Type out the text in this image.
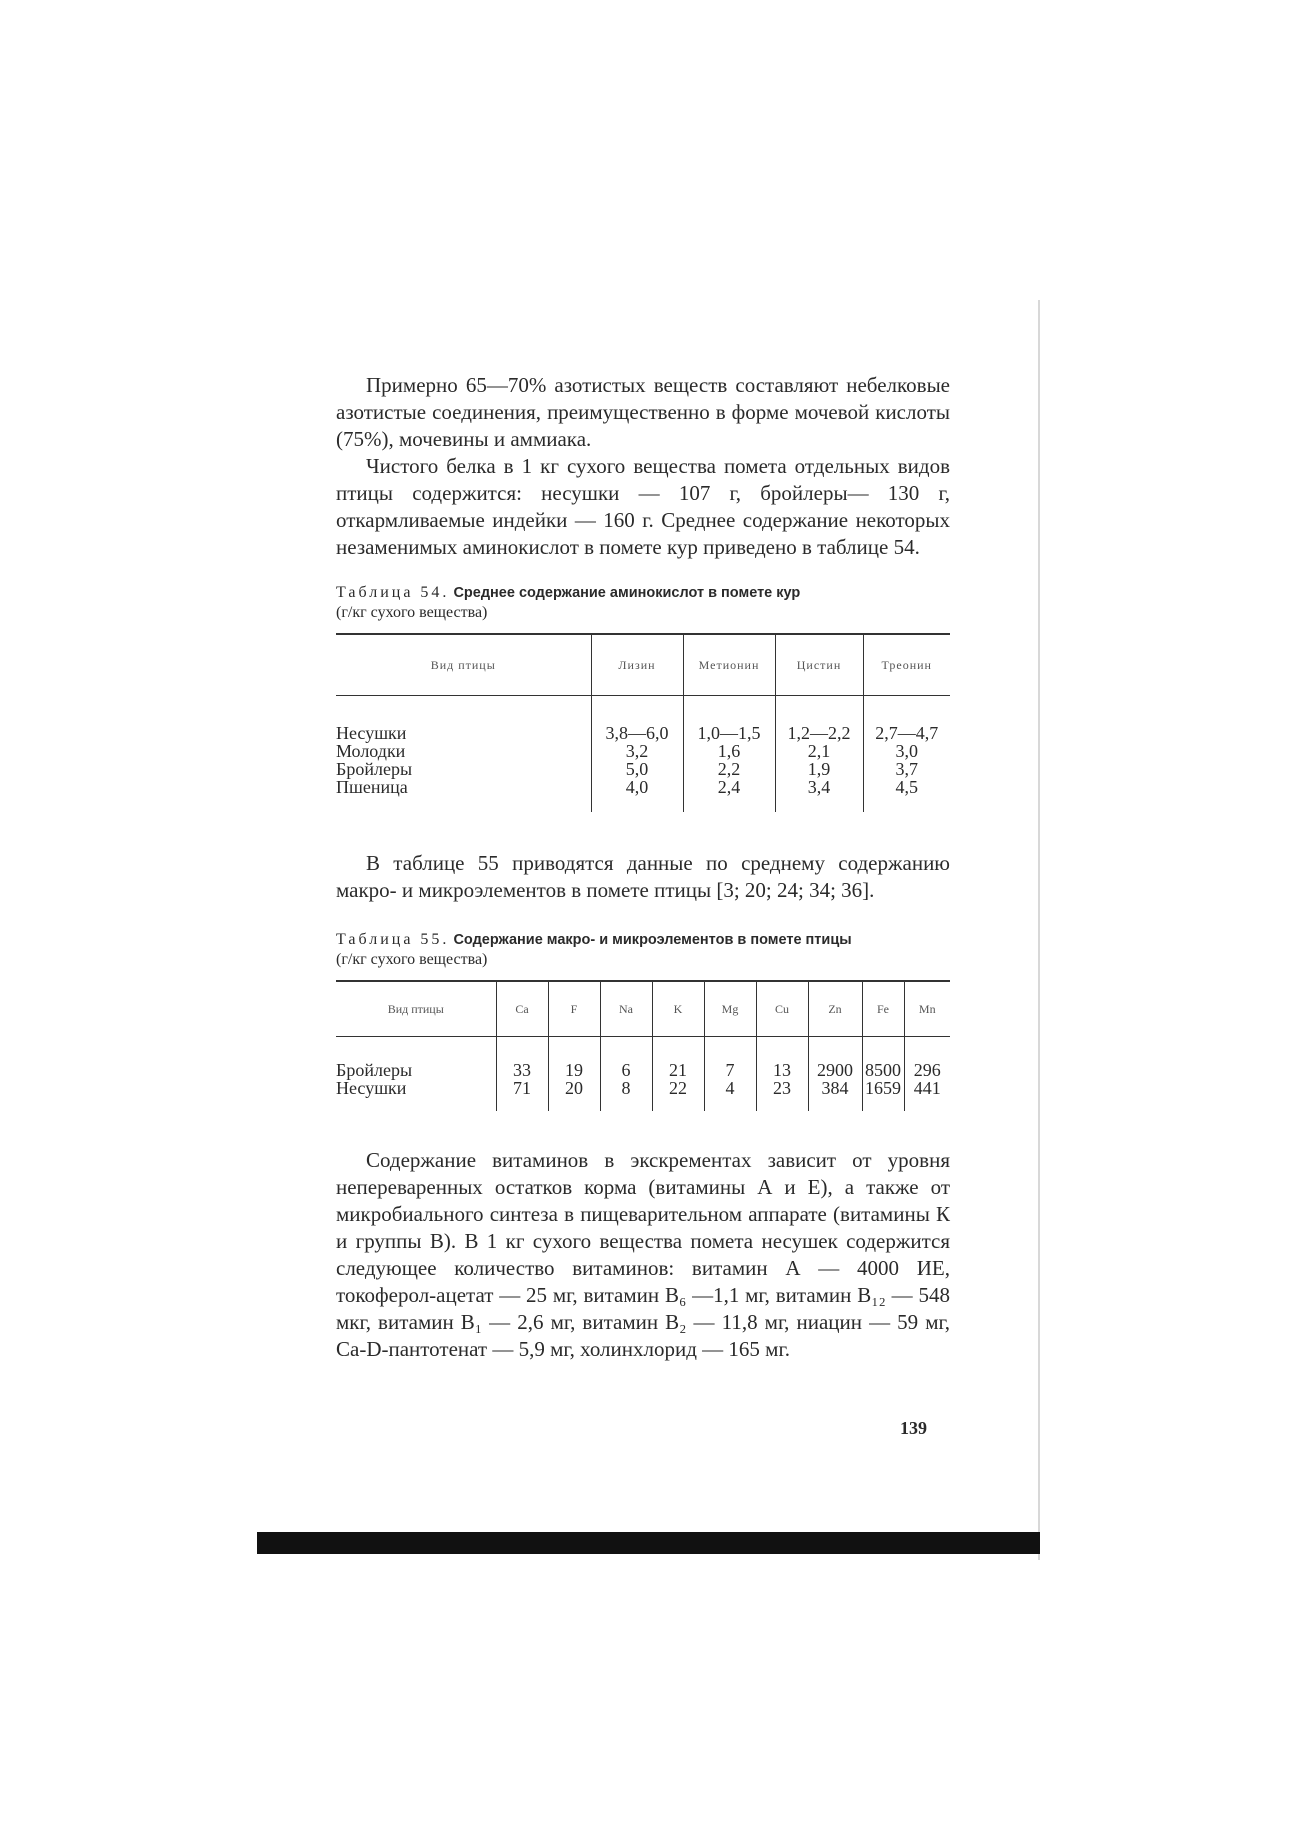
Примерно 65—70% азотистых веществ составляют небелковые азотистые соединения, преимущественно в форме мочевой кислоты (75%), мочевины и аммиака.

Чистого белка в 1 кг сухого вещества помета отдельных видов птицы содержится: несушки — 107 г, бройлеры— 130 г, откармливаемые индейки — 160 г. Среднее содержание некоторых незаменимых аминокислот в помете кур приведено в таблице 54.

Таблица 54. Среднее содержание аминокислот в помете кур
(г/кг сухого вещества)

Вид птицы	Лизин	Метионин	Цистин	Треонин

Несушки	3,8—6,0	1,0—1,5	1,2—2,2	2,7—4,7
Молодки	3,2	1,6	2,1	3,0
Бройлеры	5,0	2,2	1,9	3,7
Пшеница	4,0	2,4	3,4	4,5

В таблице 55 приводятся данные по среднему содержанию макро- и микроэлементов в помете птицы [3; 20; 24; 34; 36].

Таблица 55. Содержание макро- и микроэлементов в помете птицы
(г/кг сухого вещества)

Вид птицы	Ca	F	Na	K	Mg	Cu	Zn	Fe	Mn

Бройлеры	33	19	6	21	7	13	2900	8500	296
Несушки	71	20	8	22	4	23	384	1659	441

Содержание витаминов в экскрементах зависит от уровня непереваренных остатков корма (витамины А и Е), а также от микробиального синтеза в пищеварительном аппарате (витамины К и группы В). В 1 кг сухого вещества помета несушек содержится следующее количество витаминов: витамин А — 4000 ИЕ, токоферол-ацетат — 25 мг, витамин B₆ —1,1 мг, витамин B₁₂ — 548 мкг, витамин B₁ — 2,6 мг, витамин B₂ — 11,8 мг, ниацин — 59 мг, Ca-D-пантотенат — 5,9 мг, холинхлорид — 165 мг.

139
